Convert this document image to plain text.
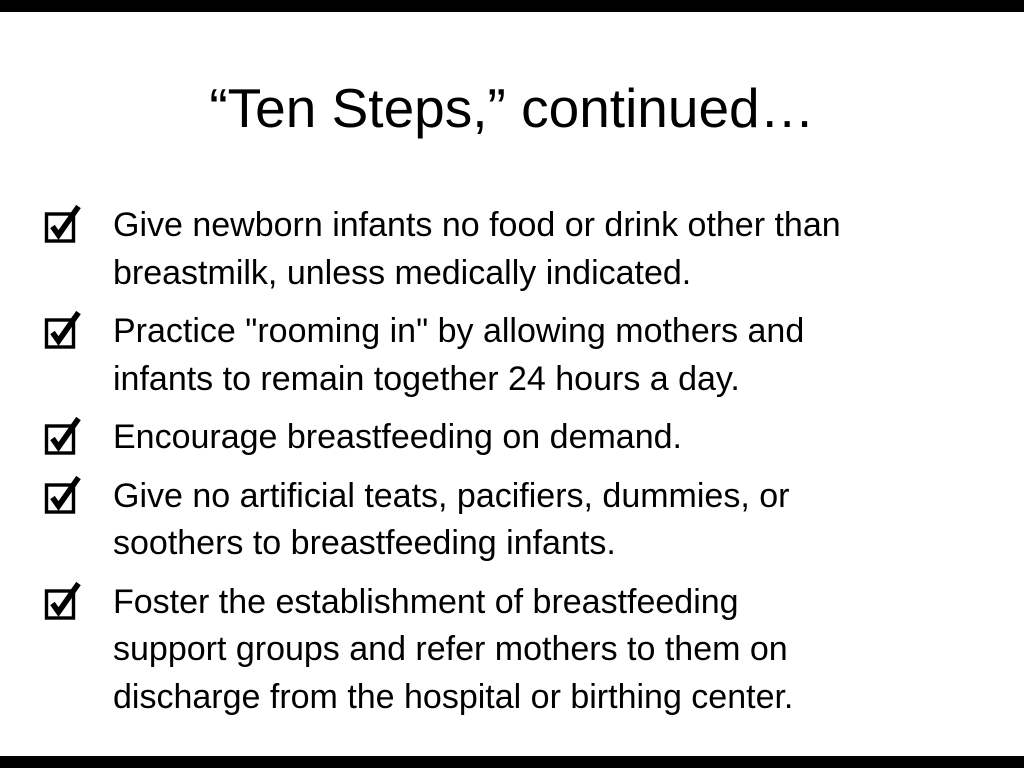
“Ten Steps,” continued…
Give newborn infants no food or drink other than
breastmilk, unless medically indicated.
Practice "rooming in" by allowing mothers and
infants to remain together 24 hours a day.
Encourage breastfeeding on demand.
Give no artificial teats, pacifiers, dummies, or
soothers to breastfeeding infants.
Foster the establishment of breastfeeding
support groups and refer mothers to them on
discharge from the hospital or birthing center.
